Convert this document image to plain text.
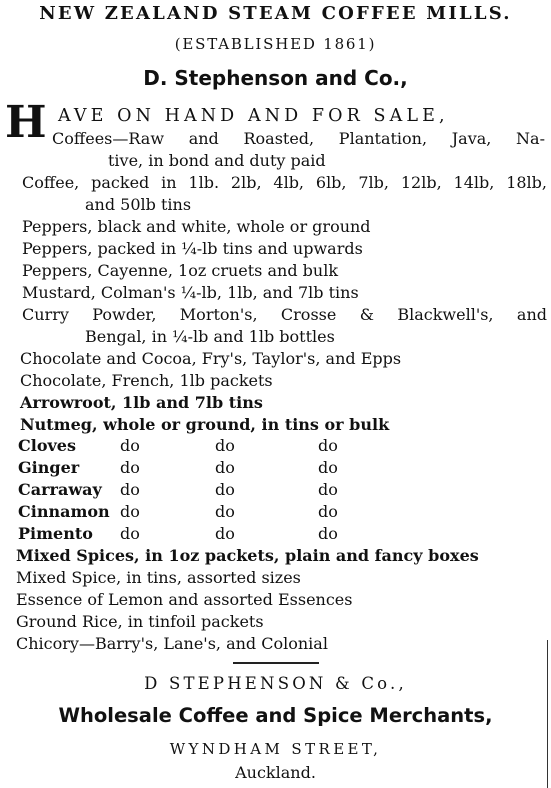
NEW ZEALAND STEAM COFFEE MILLS.
(ESTABLISHED 1861)
D. Stephenson and Co.,
H AVE ON HAND AND FOR SALE,
Coffees—Raw and Roasted, Plantation, Java, Na-
tive, in bond and duty paid
Coffee, packed in 1lb. 2lb, 4lb, 6lb, 7lb, 12lb, 14lb, 18lb,
and 50lb tins
Peppers, black and white, whole or ground
Peppers, packed in ¼-lb tins and upwards
Peppers, Cayenne, 1oz cruets and bulk
Mustard, Colman's ¼-lb, 1lb, and 7lb tins
Curry Powder, Morton's, Crosse & Blackwell's, and
Bengal, in ¼-lb and 1lb bottles
Chocolate and Cocoa, Fry's, Taylor's, and Epps
Chocolate, French, 1lb packets
Arrowroot, 1lb and 7lb tins
Nutmeg, whole or ground, in tins or bulk
Cloves	do	do	do
Ginger	do	do	do
Carraway do	do	do
Cinnamon do	do	do
Pimento do	do	do
Mixed Spices, in 1oz packets, plain and fancy boxes
Mixed Spice, in tins, assorted sizes
Essence of Lemon and assorted Essences
Ground Rice, in tinfoil packets
Chicory—Barry's, Lane's, and Colonial
D STEPHENSON & Co.,
Wholesale Coffee and Spice Merchants,
WYNDHAM STREET,
Auckland.
